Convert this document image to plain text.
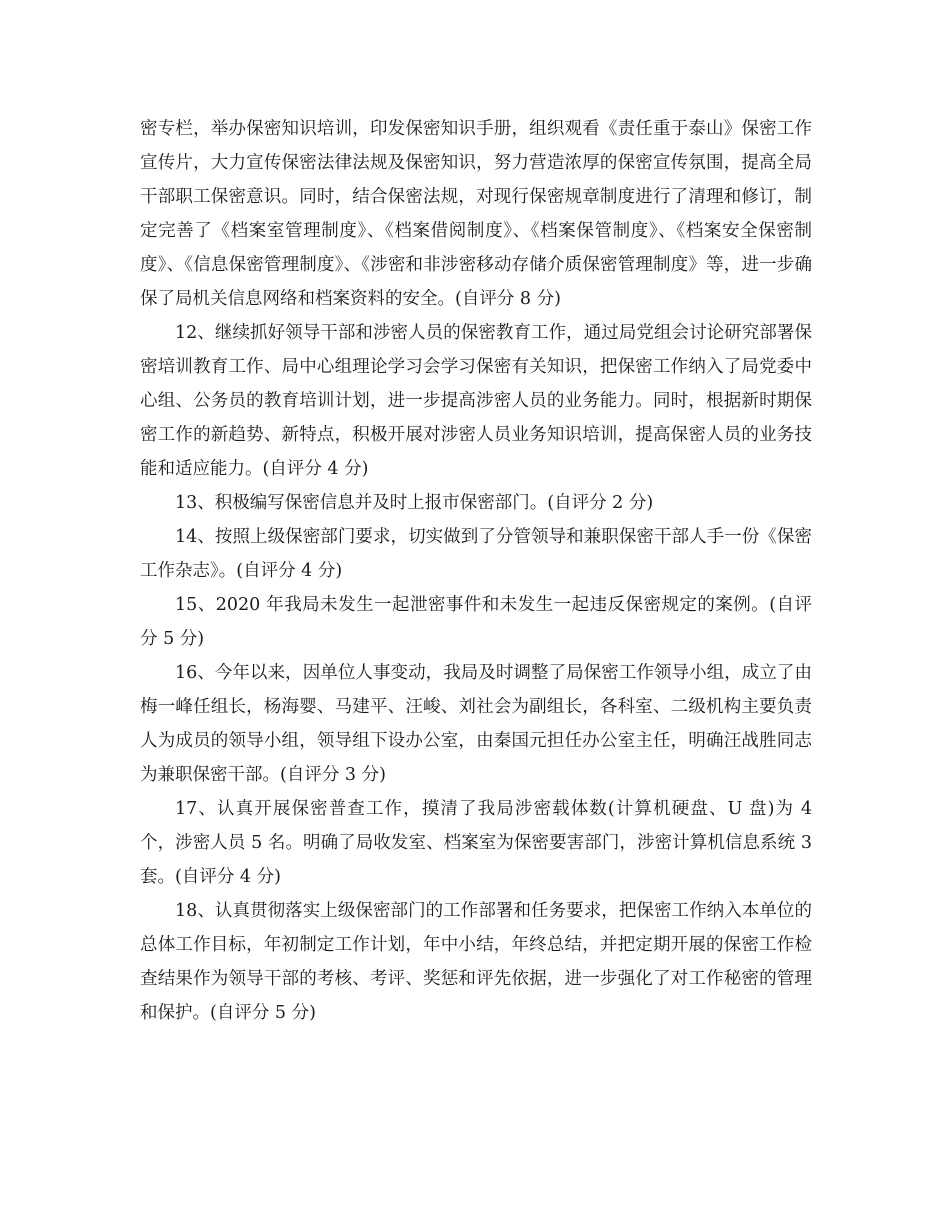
密专栏，举办保密知识培训，印发保密知识手册，组织观看《责任重于泰山》保密工作宣传片，大力宣传保密法律法规及保密知识，努力营造浓厚的保密宣传氛围，提高全局干部职工保密意识。同时，结合保密法规，对现行保密规章制度进行了清理和修订，制定完善了《档案室管理制度》、《档案借阅制度》、《档案保管制度》、《档案安全保密制度》、《信息保密管理制度》、《涉密和非涉密移动存储介质保密管理制度》等，进一步确保了局机关信息网络和档案资料的安全。(自评分 8 分)

12、继续抓好领导干部和涉密人员的保密教育工作，通过局党组会讨论研究部署保密培训教育工作、局中心组理论学习会学习保密有关知识，把保密工作纳入了局党委中心组、公务员的教育培训计划，进一步提高涉密人员的业务能力。同时，根据新时期保密工作的新趋势、新特点，积极开展对涉密人员业务知识培训，提高保密人员的业务技能和适应能力。(自评分 4 分)

13、积极编写保密信息并及时上报市保密部门。(自评分 2 分)

14、按照上级保密部门要求，切实做到了分管领导和兼职保密干部人手一份《保密工作杂志》。(自评分 4 分)

15、2020 年我局未发生一起泄密事件和未发生一起违反保密规定的案例。(自评分 5 分)

16、今年以来，因单位人事变动，我局及时调整了局保密工作领导小组，成立了由梅一峰任组长，杨海婴、马建平、汪峻、刘社会为副组长，各科室、二级机构主要负责人为成员的领导小组，领导组下设办公室，由秦国元担任办公室主任，明确汪战胜同志为兼职保密干部。(自评分 3 分)

17、认真开展保密普查工作，摸清了我局涉密载体数(计算机硬盘、U 盘)为 4 个，涉密人员 5 名。明确了局收发室、档案室为保密要害部门，涉密计算机信息系统 3 套。(自评分 4 分)

18、认真贯彻落实上级保密部门的工作部署和任务要求，把保密工作纳入本单位的总体工作目标，年初制定工作计划，年中小结，年终总结，并把定期开展的保密工作检查结果作为领导干部的考核、考评、奖惩和评先依据，进一步强化了对工作秘密的管理和保护。(自评分 5 分)
